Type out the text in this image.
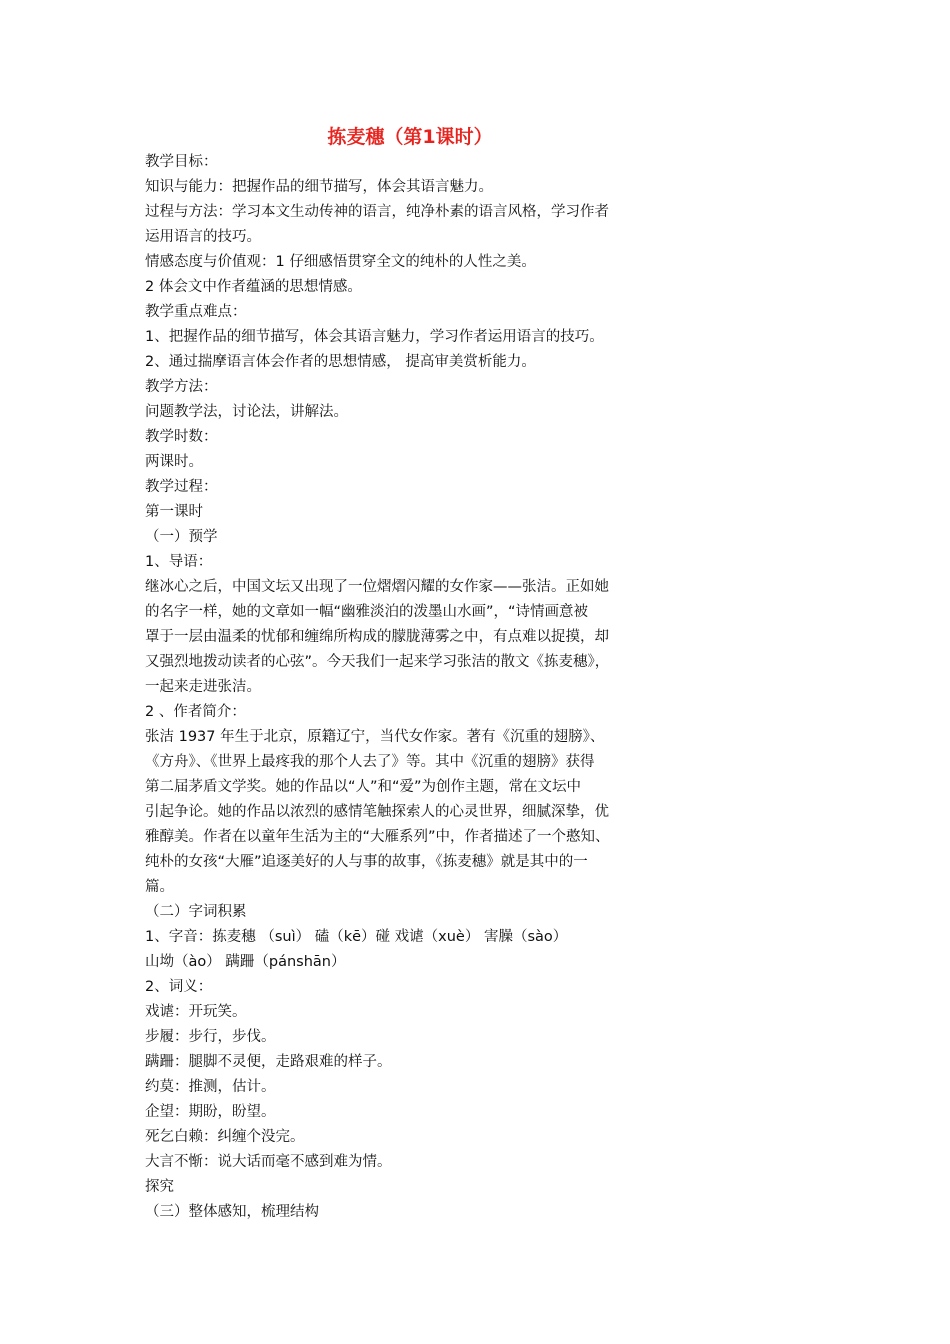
拣麦穗（第1课时）
教学目标：
知识与能力：把握作品的细节描写，体会其语言魅力。
过程与方法：学习本文生动传神的语言，纯净朴素的语言风格，学习作者
运用语言的技巧。
情感态度与价值观：1 仔细感悟贯穿全文的纯朴的人性之美。
2 体会文中作者蕴涵的思想情感。
教学重点难点：
1、把握作品的细节描写，体会其语言魅力，学习作者运用语言的技巧。
2、通过揣摩语言体会作者的思想情感， 提高审美赏析能力。
教学方法：
问题教学法，讨论法，讲解法。
教学时数：
两课时。
教学过程：
第一课时
（一）预学
1、导语：
继冰心之后，中国文坛又出现了一位熠熠闪耀的女作家——张洁。正如她
的名字一样，她的文章如一幅“幽雅淡泊的泼墨山水画”，“诗情画意被
罩于一层由温柔的忧郁和缠绵所构成的朦胧薄雾之中，有点难以捉摸，却
又强烈地拨动读者的心弦”。今天我们一起来学习张洁的散文《拣麦穗》，
一起来走进张洁。
2 、作者简介：
张洁 1937 年生于北京，原籍辽宁，当代女作家。著有《沉重的翅膀》、
《方舟》、《世界上最疼我的那个人去了》等。其中《沉重的翅膀》获得
第二届茅盾文学奖。她的作品以“人”和“爱”为创作主题，常在文坛中
引起争论。她的作品以浓烈的感情笔触探索人的心灵世界，细腻深挚，优
雅醇美。作者在以童年生活为主的“大雁系列”中，作者描述了一个憨知、
纯朴的女孩“大雁”追逐美好的人与事的故事，《拣麦穗》就是其中的一
篇。
（二）字词积累
1、字音：拣麦穗 （suì） 磕（kē）碰 戏谑（xuè） 害臊（sào）
山坳（ào） 蹒跚（pánshān）
2、词义：
戏谑：开玩笑。
步履：步行，步伐。
蹒跚：腿脚不灵便，走路艰难的样子。
约莫：推测，估计。
企望：期盼，盼望。
死乞白赖：纠缠个没完。
大言不惭：说大话而毫不感到难为情。
探究
（三）整体感知，梳理结构
